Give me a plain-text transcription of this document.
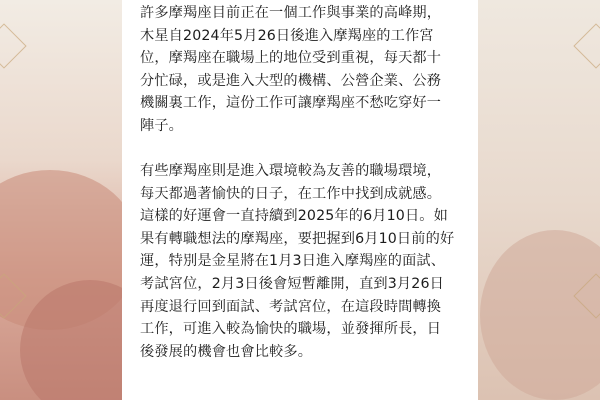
許多摩羯座目前正在一個工作與事業的高峰期，
木星自2024年5月26日後進入摩羯座的工作宮
位，摩羯座在職場上的地位受到重視，每天都十
分忙碌，或是進入大型的機構、公營企業、公務
機關裏工作，這份工作可讓摩羯座不愁吃穿好一
陣子。

有些摩羯座則是進入環境較為友善的職場環境，
每天都過著愉快的日子，在工作中找到成就感。
這樣的好運會一直持續到2025年的6月10日。如
果有轉職想法的摩羯座，要把握到6月10日前的好
運，特別是金星將在1月3日進入摩羯座的面試、
考試宮位，2月3日後會短暫離開，直到3月26日
再度退行回到面試、考試宮位，在這段時間轉換
工作，可進入較為愉快的職場，並發揮所長，日
後發展的機會也會比較多。
